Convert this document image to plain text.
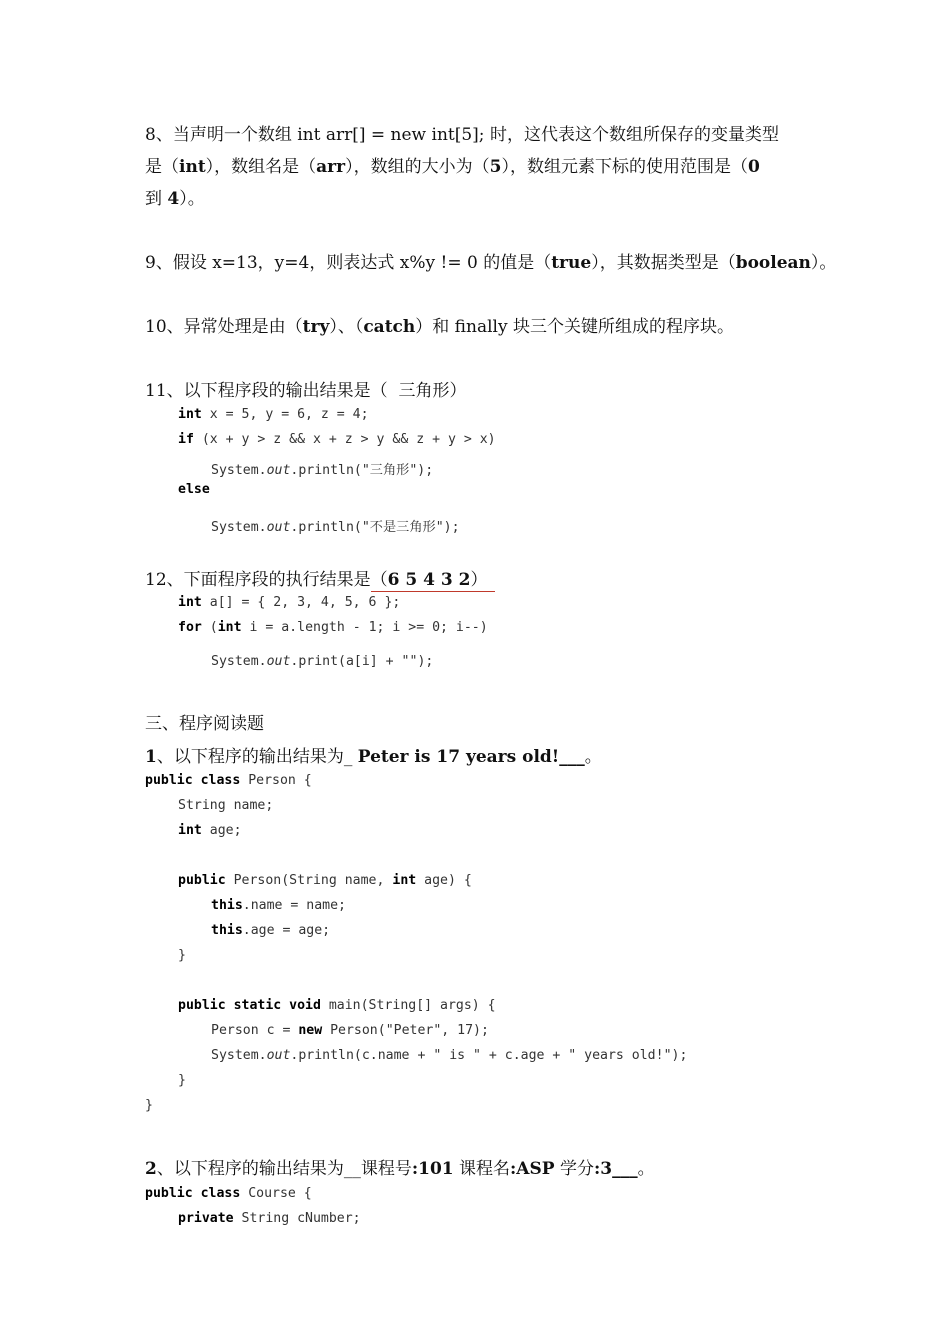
8、当声明一个数组 int arr[] = new int[5]; 时，这代表这个数组所保存的变量类型
是（int），数组名是（arr），数组的大小为（5），数组元素下标的使用范围是（0
到 4）。
9、假设 x=13，y=4，则表达式 x%y != 0 的值是（true），其数据类型是（boolean）。
10、异常处理是由（try）、（catch）和 finally 块三个关键所组成的程序块。
11、以下程序段的输出结果是（  三角形）
int x = 5, y = 6, z = 4;
if (x + y > z && x + z > y && z + y > x)
System.out.println("三角形");
else
System.out.println("不是三角形");
12、下面程序段的执行结果是（6 5 4 3 2）
int a[] = { 2, 3, 4, 5, 6 };
for (int i = a.length - 1; i >= 0; i--)
System.out.print(a[i] + "");
三、程序阅读题
1、以下程序的输出结果为_ Peter is 17 years old!___。
public class Person {
String name;
int age;
public Person(String name, int age) {
this.name = name;
this.age = age;
}
public static void main(String[] args) {
Person c = new Person("Peter", 17);
System.out.println(c.name + " is " + c.age + " years old!");
}
}
2、以下程序的输出结果为__课程号:101 课程名:ASP 学分:3___。
public class Course {
private String cNumber;
